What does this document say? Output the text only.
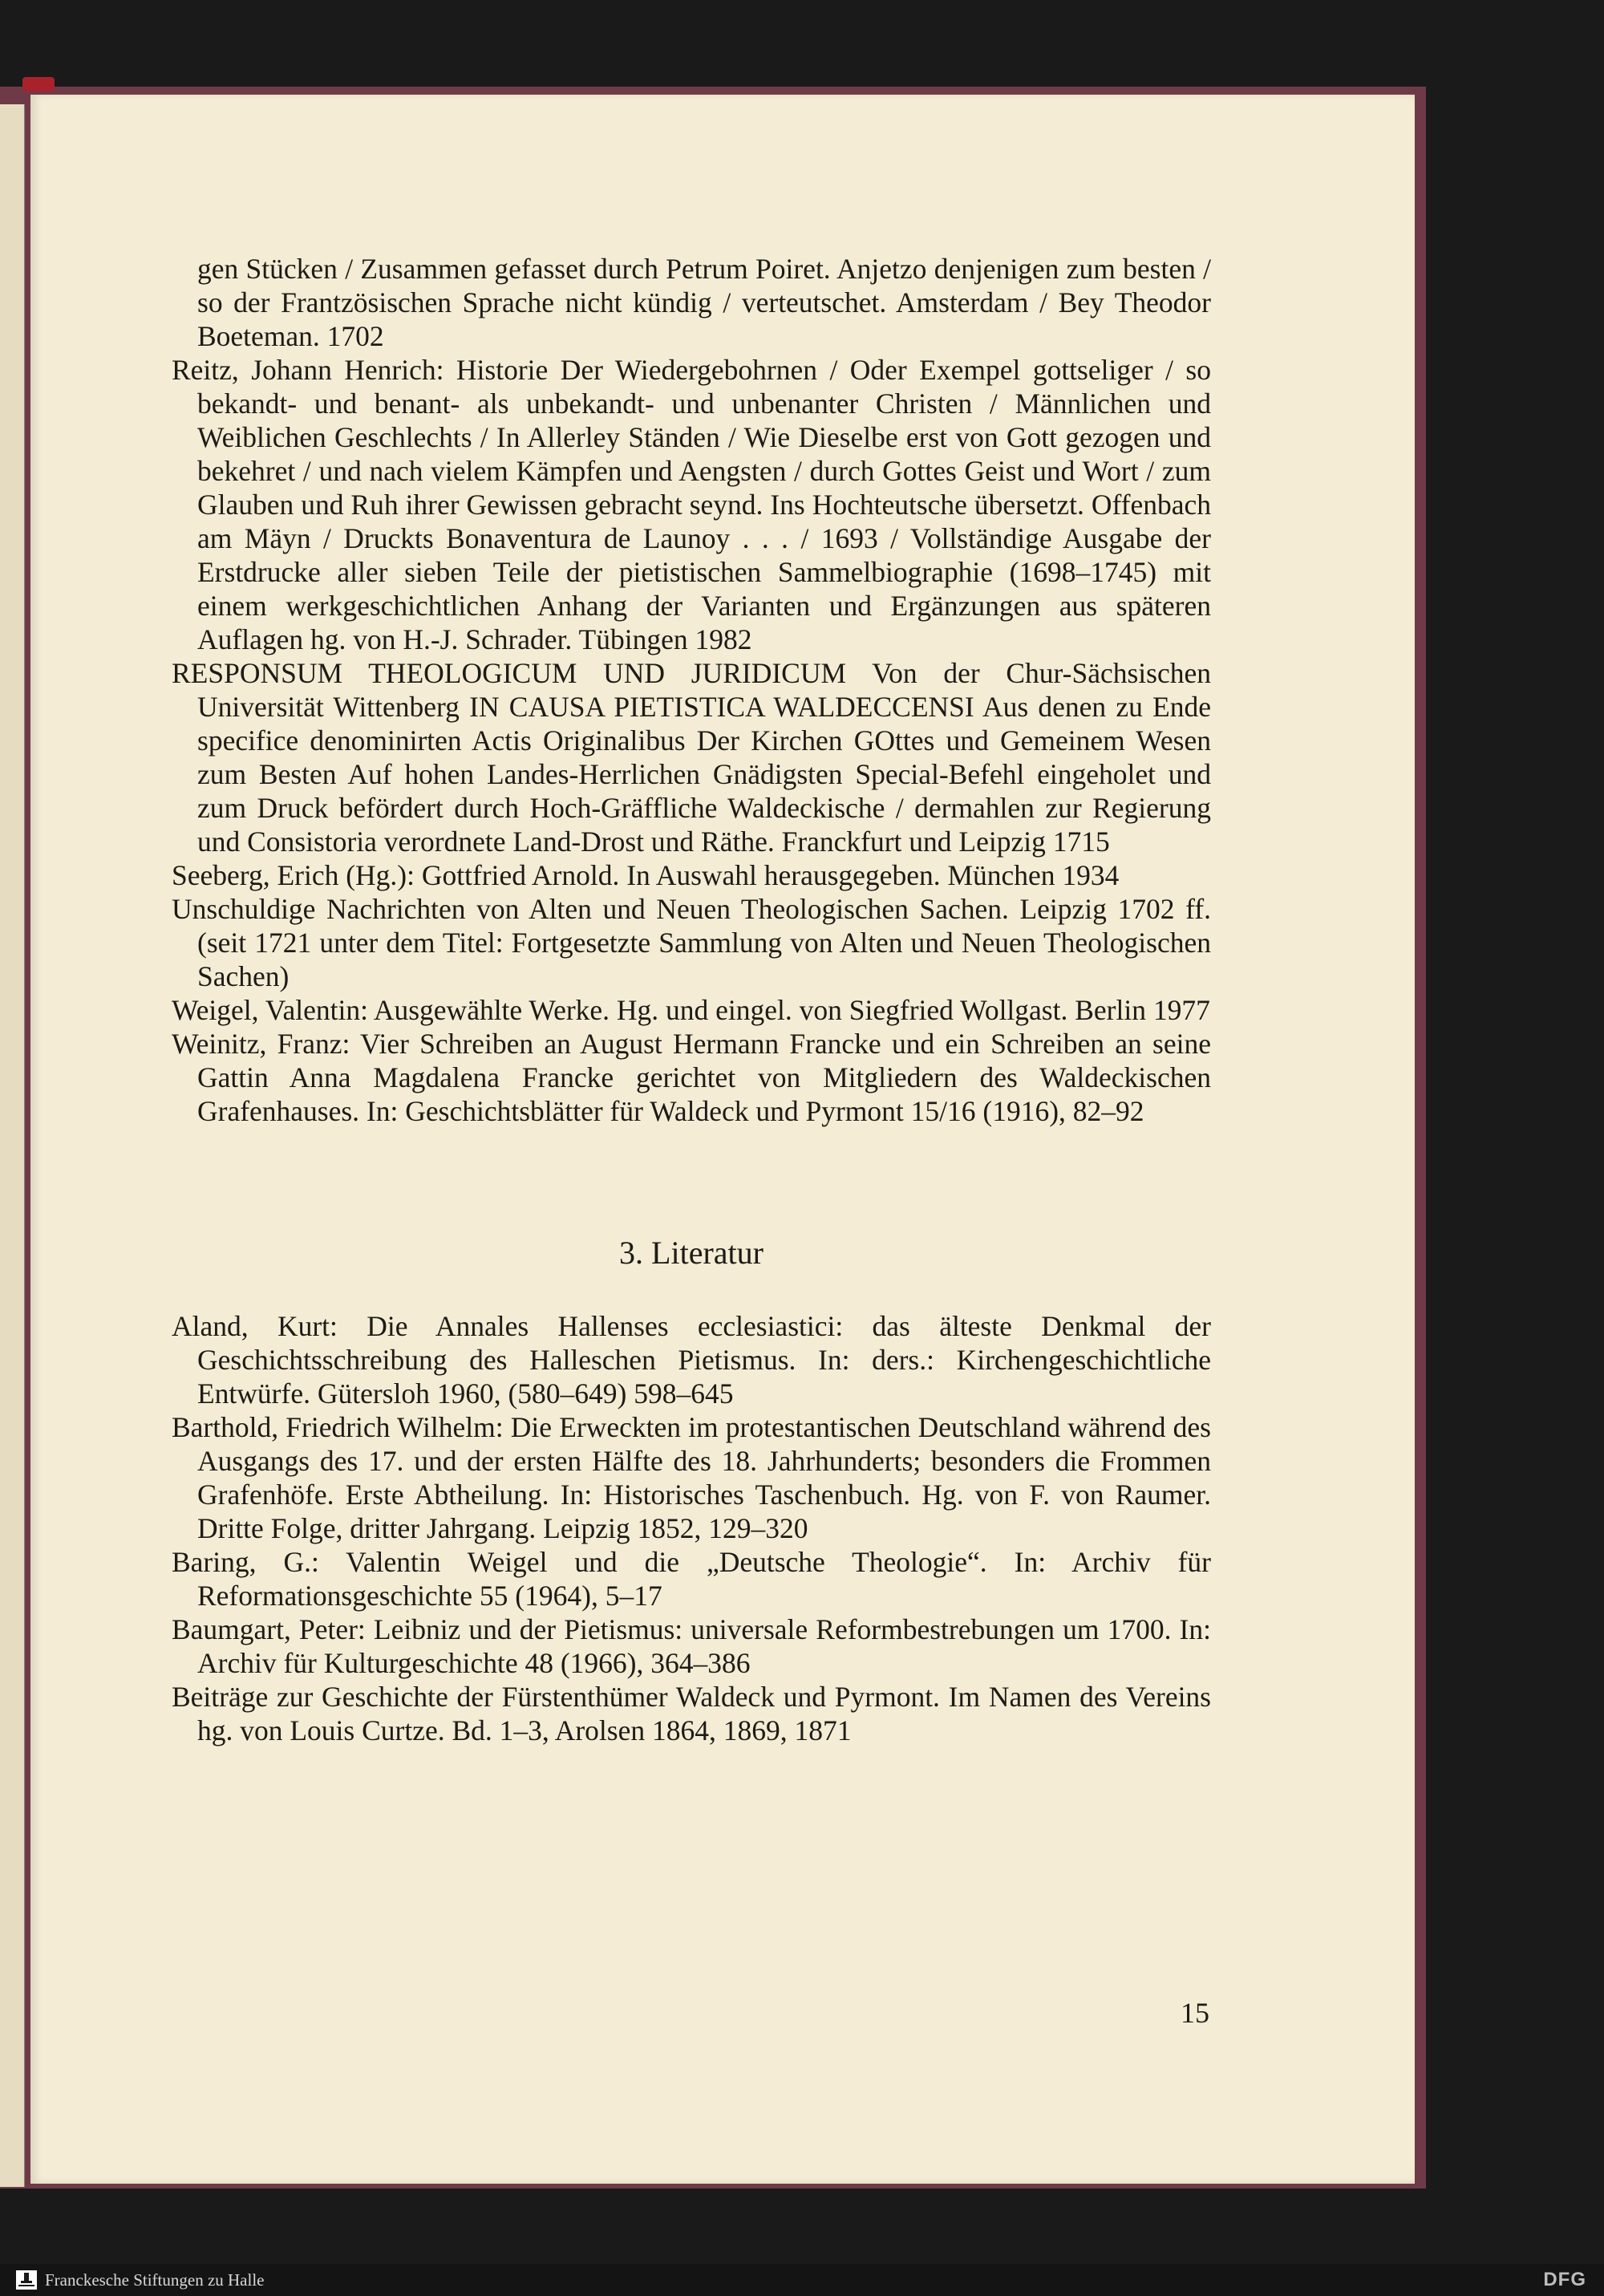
gen Stücken / Zusammen gefasset durch Petrum Poiret. Anjetzo denjenigen zum besten / so der Frantzösischen Sprache nicht kündig / verteutschet. Amsterdam / Bey Theodor Boeteman. 1702

Reitz, Johann Henrich: Historie Der Wiedergebohrnen / Oder Exempel gottseliger / so bekandt- und benant- als unbekandt- und unbenanter Christen / Männlichen und Weiblichen Geschlechts / In Allerley Ständen / Wie Dieselbe erst von Gott gezogen und bekehret / und nach vielem Kämpfen und Aengsten / durch Gottes Geist und Wort / zum Glauben und Ruh ihrer Gewissen gebracht seynd. Ins Hochteutsche übersetzt. Offenbach am Mäyn / Druckts Bonaventura de Launoy . . . / 1693 / Vollständige Ausgabe der Erstdrucke aller sieben Teile der pietistischen Sammelbiographie (1698–1745) mit einem werkgeschichtlichen Anhang der Varianten und Ergänzungen aus späteren Auflagen hg. von H.-J. Schrader. Tübingen 1982

RESPONSUM THEOLOGICUM UND JURIDICUM Von der Chur-Sächsischen Universität Wittenberg IN CAUSA PIETISTICA WALDECCENSI Aus denen zu Ende specifice denominirten Actis Originalibus Der Kirchen GOttes und Gemeinem Wesen zum Besten Auf hohen Landes-Herrlichen Gnädigsten Special-Befehl eingeholet und zum Druck befördert durch Hoch-Gräffliche Waldeckische / dermahlen zur Regierung und Consistoria verordnete Land-Drost und Räthe. Franckfurt und Leipzig 1715

Seeberg, Erich (Hg.): Gottfried Arnold. In Auswahl herausgegeben. München 1934

Unschuldige Nachrichten von Alten und Neuen Theologischen Sachen. Leipzig 1702 ff. (seit 1721 unter dem Titel: Fortgesetzte Sammlung von Alten und Neuen Theologischen Sachen)

Weigel, Valentin: Ausgewählte Werke. Hg. und eingel. von Siegfried Wollgast. Berlin 1977

Weinitz, Franz: Vier Schreiben an August Hermann Francke und ein Schreiben an seine Gattin Anna Magdalena Francke gerichtet von Mitgliedern des Waldeckischen Grafenhauses. In: Geschichtsblätter für Waldeck und Pyrmont 15/16 (1916), 82–92

3. Literatur

Aland, Kurt: Die Annales Hallenses ecclesiastici: das älteste Denkmal der Geschichtsschreibung des Halleschen Pietismus. In: ders.: Kirchengeschichtliche Entwürfe. Gütersloh 1960, (580–649) 598–645

Barthold, Friedrich Wilhelm: Die Erweckten im protestantischen Deutschland während des Ausgangs des 17. und der ersten Hälfte des 18. Jahrhunderts; besonders die Frommen Grafenhöfe. Erste Abtheilung. In: Historisches Taschenbuch. Hg. von F. von Raumer. Dritte Folge, dritter Jahrgang. Leipzig 1852, 129–320

Baring, G.: Valentin Weigel und die „Deutsche Theologie“. In: Archiv für Reformationsgeschichte 55 (1964), 5–17

Baumgart, Peter: Leibniz und der Pietismus: universale Reformbestrebungen um 1700. In: Archiv für Kulturgeschichte 48 (1966), 364–386

Beiträge zur Geschichte der Fürstenthümer Waldeck und Pyrmont. Im Namen des Vereins hg. von Louis Curtze. Bd. 1–3, Arolsen 1864, 1869, 1871

15
Franckesche Stiftungen zu Halle	DFG
